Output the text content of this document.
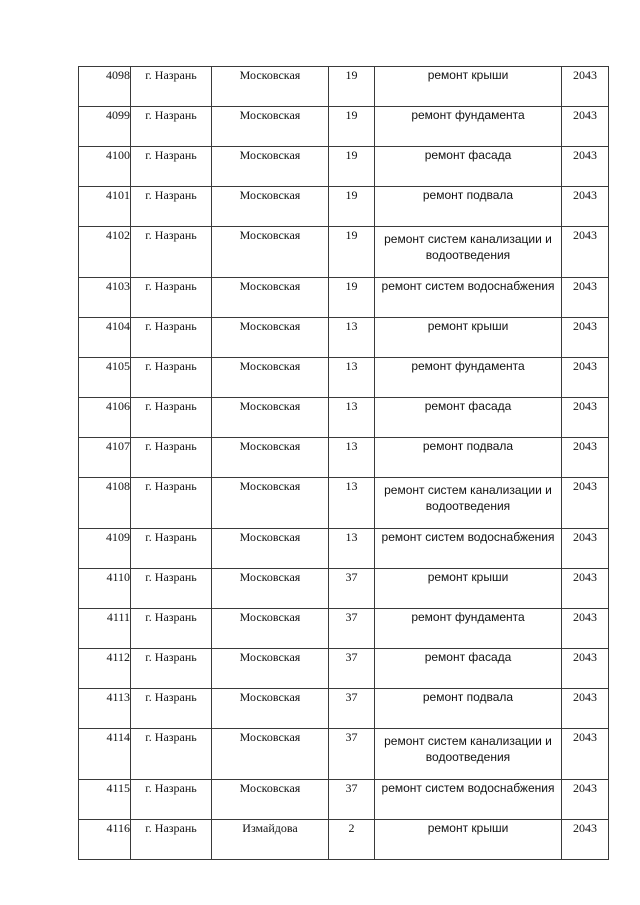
4098	г. Назрань	Московская	19	ремонт крыши	2043
4099	г. Назрань	Московская	19	ремонт фундамента	2043
4100	г. Назрань	Московская	19	ремонт фасада	2043
4101	г. Назрань	Московская	19	ремонт подвала	2043
4102	г. Назрань	Московская	19	ремонт систем канализации и водоотведения	2043
4103	г. Назрань	Московская	19	ремонт систем водоснабжения	2043
4104	г. Назрань	Московская	13	ремонт крыши	2043
4105	г. Назрань	Московская	13	ремонт фундамента	2043
4106	г. Назрань	Московская	13	ремонт фасада	2043
4107	г. Назрань	Московская	13	ремонт подвала	2043
4108	г. Назрань	Московская	13	ремонт систем канализации и водоотведения	2043
4109	г. Назрань	Московская	13	ремонт систем водоснабжения	2043
4110	г. Назрань	Московская	37	ремонт крыши	2043
4111	г. Назрань	Московская	37	ремонт фундамента	2043
4112	г. Назрань	Московская	37	ремонт фасада	2043
4113	г. Назрань	Московская	37	ремонт подвала	2043
4114	г. Назрань	Московская	37	ремонт систем канализации и водоотведения	2043
4115	г. Назрань	Московская	37	ремонт систем водоснабжения	2043
4116	г. Назрань	Измайдова	2	ремонт крыши	2043
